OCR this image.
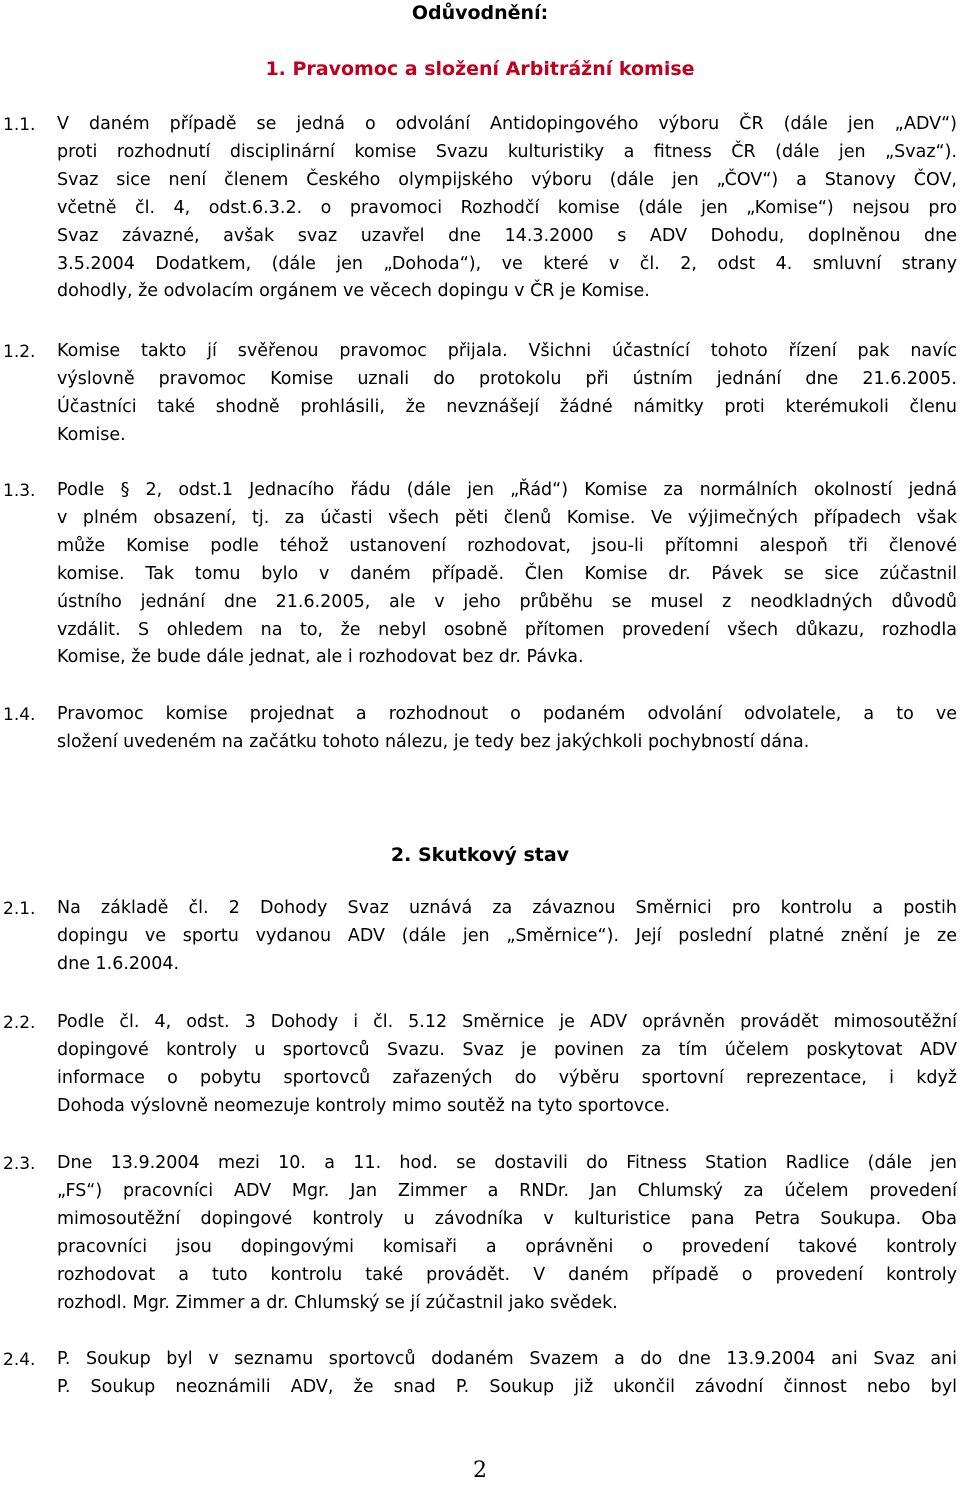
Odůvodnění:
1. Pravomoc a složení Arbitrážní komise
1.1. V daném případě se jedná o odvolání Antidopingového výboru ČR (dále jen „ADV“)
proti rozhodnutí disciplinární komise Svazu kulturistiky a fitness ČR (dále jen „Svaz“).
Svaz sice není členem Českého olympijského výboru (dále jen „ČOV“) a Stanovy ČOV,
včetně čl. 4, odst.6.3.2. o pravomoci Rozhodčí komise (dále jen „Komise“) nejsou pro
Svaz závazné, avšak svaz uzavřel dne 14.3.2000 s ADV Dohodu, doplněnou dne
3.5.2004 Dodatkem, (dále jen „Dohoda“), ve které v čl. 2, odst 4. smluvní strany
dohodly, že odvolacím orgánem ve věcech dopingu v ČR je Komise.
1.2. Komise takto jí svěřenou pravomoc přijala. Všichni účastnící tohoto řízení pak navíc
výslovně pravomoc Komise uznali do protokolu při ústním jednání dne 21.6.2005.
Účastníci také shodně prohlásili, že nevznášejí žádné námitky proti kterémukoli členu
Komise.
1.3. Podle § 2, odst.1 Jednacího řádu (dále jen „Řád“) Komise za normálních okolností jedná
v plném obsazení, tj. za účasti všech pěti členů Komise. Ve výjimečných případech však
může Komise podle téhož ustanovení rozhodovat, jsou-li přítomni alespoň tři členové
komise. Tak tomu bylo v daném případě. Člen Komise dr. Pávek se sice zúčastnil
ústního jednání dne 21.6.2005, ale v jeho průběhu se musel z neodkladných důvodů
vzdálit. S ohledem na to, že nebyl osobně přítomen provedení všech důkazu, rozhodla
Komise, že bude dále jednat, ale i rozhodovat bez dr. Pávka.
1.4. Pravomoc komise projednat a rozhodnout o podaném odvolání odvolatele, a to ve
složení uvedeném na začátku tohoto nálezu, je tedy bez jakýchkoli pochybností dána.
2. Skutkový stav
2.1. Na základě čl. 2 Dohody Svaz uznává za závaznou Směrnici pro kontrolu a postih
dopingu ve sportu vydanou ADV (dále jen „Směrnice“). Její poslední platné znění je ze
dne 1.6.2004.
2.2. Podle čl. 4, odst. 3 Dohody i čl. 5.12 Směrnice je ADV oprávněn provádět mimosoutěžní
dopingové kontroly u sportovců Svazu. Svaz je povinen za tím účelem poskytovat ADV
informace o pobytu sportovců zařazených do výběru sportovní reprezentace, i když
Dohoda výslovně neomezuje kontroly mimo soutěž na tyto sportovce.
2.3. Dne 13.9.2004 mezi 10. a 11. hod. se dostavili do Fitness Station Radlice (dále jen
„FS“) pracovníci ADV Mgr. Jan Zimmer a RNDr. Jan Chlumský za účelem provedení
mimosoutěžní dopingové kontroly u závodníka v kulturistice pana Petra Soukupa. Oba
pracovníci jsou dopingovými komisaři a oprávněni o provedení takové kontroly
rozhodovat a tuto kontrolu také provádět. V daném případě o provedení kontroly
rozhodl. Mgr. Zimmer a dr. Chlumský se jí zúčastnil jako svědek.
2.4. P. Soukup byl v seznamu sportovců dodaném Svazem a do dne 13.9.2004 ani Svaz ani
P. Soukup neoznámili ADV, že snad P. Soukup již ukončil závodní činnost nebo byl
2
